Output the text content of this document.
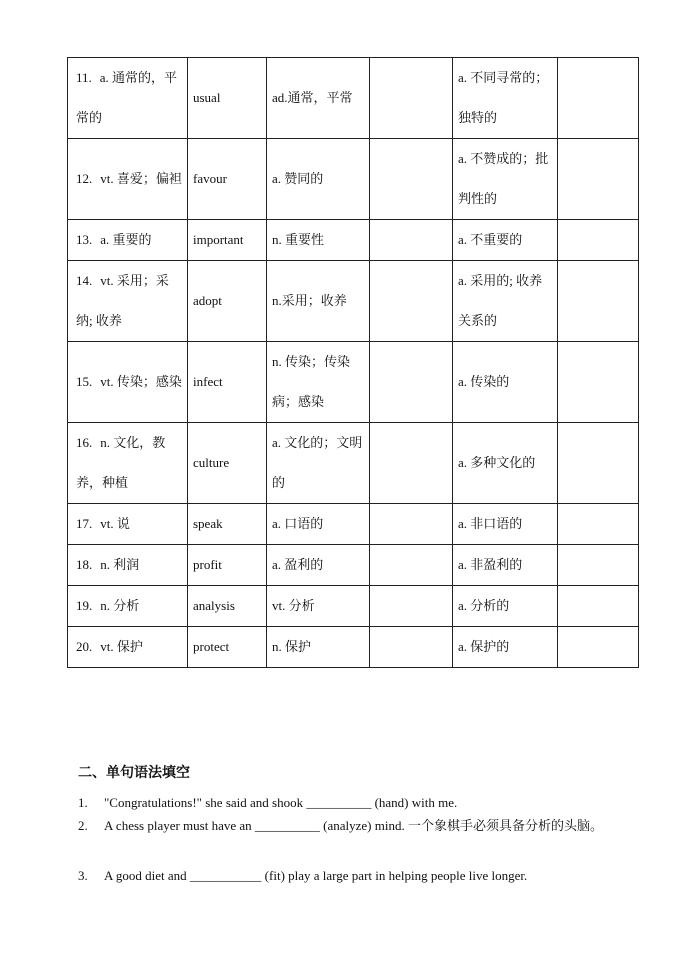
11. a. 通常的，平常的	usual	ad.通常，平常		a. 不同寻常的；独特的	
12. vt. 喜爱；偏袒	favour	a. 赞同的		a. 不赞成的；批判性的	
13. a. 重要的	important	n. 重要性		a. 不重要的	
14. vt. 采用；采纳; 收养	adopt	n.采用；收养		a. 采用的; 收养关系的	
15. vt. 传染；感染	infect	n. 传染；传染病；感染		a. 传染的	
16. n. 文化，教养，种植	culture	a. 文化的；文明的		a. 多种文化的	
17. vt. 说	speak	a. 口语的		a. 非口语的	
18. n. 利润	profit	a. 盈利的		a. 非盈利的	
19. n. 分析	analysis	vt. 分析		a. 分析的	
20. vt. 保护	protect	n. 保护		a. 保护的	
二、单句语法填空
1. "Congratulations!" she said and shook __________ (hand) with me.
2. A chess player must have an __________ (analyze) mind. 一个象棋手必须具备分析的头脑。
3. A good diet and ___________ (fit) play a large part in helping people live longer.
